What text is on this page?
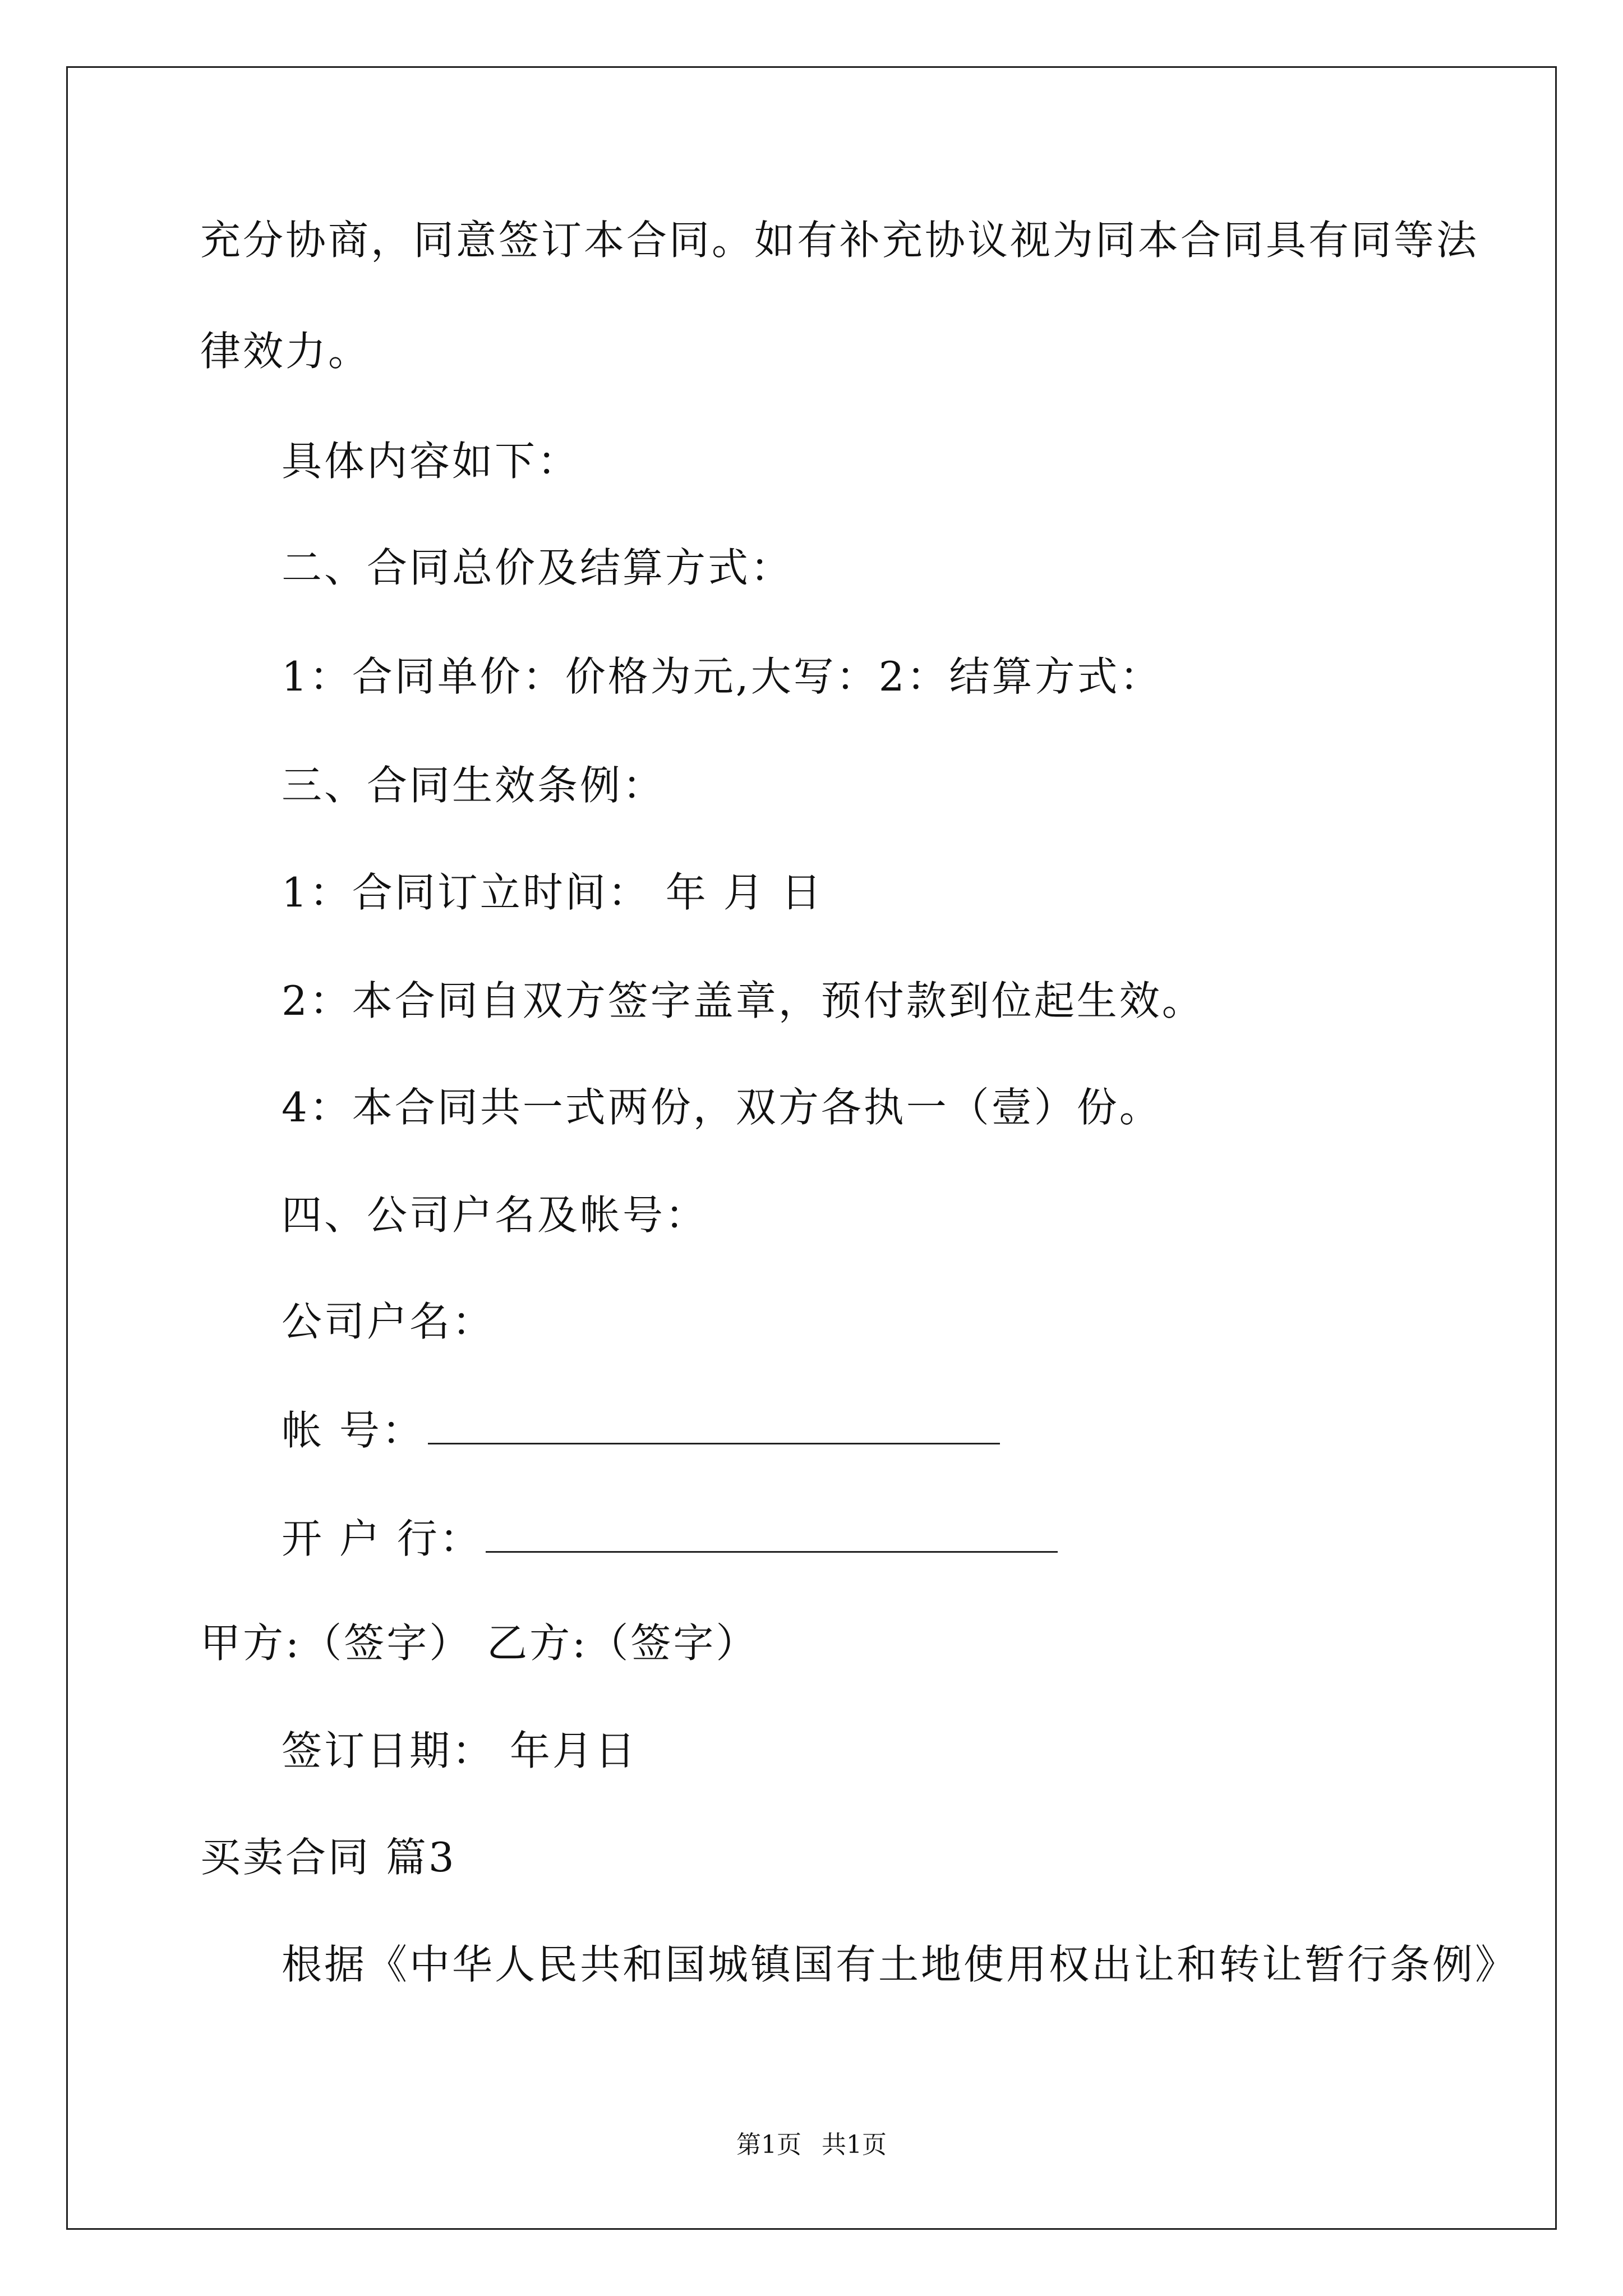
充分协商，同意签订本合同。如有补充协议视为同本合同具有同等法
律效力。
具体内容如下：
二、合同总价及结算方式：
1：合同单价：价格为元,大写：2：结算方式：
三、合同生效条例：
1：合同订立时间： 年 月 日
2：本合同自双方签字盖章，预付款到位起生效。
4：本合同共一式两份，双方各执一（壹）份。
四、公司户名及帐号：
公司户名：
帐 号：
开 户 行：
甲方:（签字） 乙方:（签字）
签订日期： 年月日
买卖合同 篇3
根据《中华人民共和国城镇国有土地使用权出让和转让暂行条例》
第1页 共1页
